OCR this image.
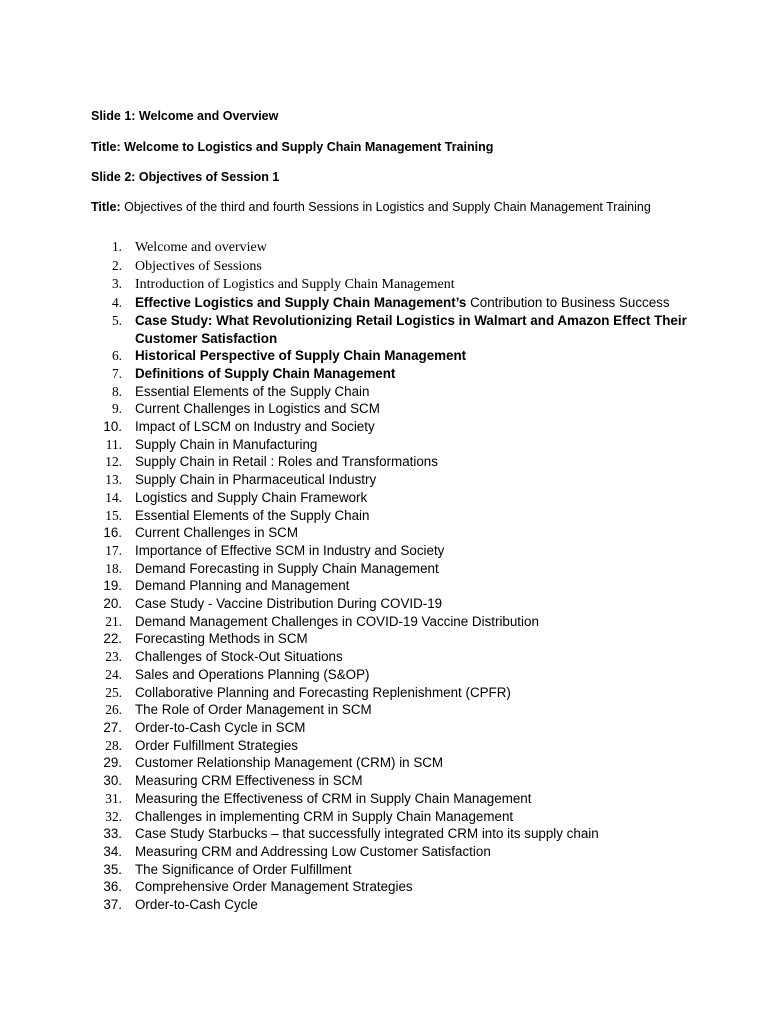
Slide 1: Welcome and Overview

Title: Welcome to Logistics and Supply Chain Management Training

Slide 2: Objectives of Session 1

Title: Objectives of the third and fourth Sessions in Logistics and Supply Chain Management Training

1. Welcome and overview
2. Objectives of Sessions
3. Introduction of Logistics and Supply Chain Management
4. Effective Logistics and Supply Chain Management’s Contribution to Business Success
5. Case Study: What Revolutionizing Retail Logistics in Walmart and Amazon Effect Their Customer Satisfaction
6. Historical Perspective of Supply Chain Management
7. Definitions of Supply Chain Management
8. Essential Elements of the Supply Chain
9. Current Challenges in Logistics and SCM
10. Impact of LSCM on Industry and Society
11. Supply Chain in Manufacturing
12. Supply Chain in Retail : Roles and Transformations
13. Supply Chain in Pharmaceutical Industry
14. Logistics and Supply Chain Framework
15. Essential Elements of the Supply Chain
16. Current Challenges in SCM
17. Importance of Effective SCM in Industry and Society
18. Demand Forecasting in Supply Chain Management
19. Demand Planning and Management
20. Case Study - Vaccine Distribution During COVID-19
21. Demand Management Challenges in COVID-19 Vaccine Distribution
22. Forecasting Methods in SCM
23. Challenges of Stock-Out Situations
24. Sales and Operations Planning (S&OP)
25. Collaborative Planning and Forecasting Replenishment (CPFR)
26. The Role of Order Management in SCM
27. Order-to-Cash Cycle in SCM
28. Order Fulfillment Strategies
29. Customer Relationship Management (CRM) in SCM
30. Measuring CRM Effectiveness in SCM
31. Measuring the Effectiveness of CRM in Supply Chain Management
32. Challenges in implementing CRM in Supply Chain Management
33. Case Study Starbucks – that successfully integrated CRM into its supply chain
34. Measuring CRM and Addressing Low Customer Satisfaction
35. The Significance of Order Fulfillment
36. Comprehensive Order Management Strategies
37. Order-to-Cash Cycle
